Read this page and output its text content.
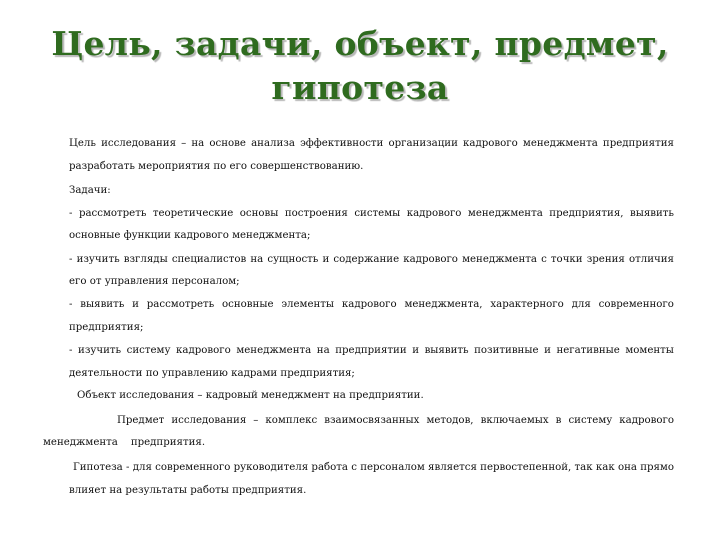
Цель, задачи, объект, предмет,
гипотеза
Цель исследования – на основе анализа эффективности организации кадрового менеджмента предприятия
разработать мероприятия по его совершенствованию.
Задачи:
- рассмотреть теоретические основы построения системы кадрового менеджмента предприятия, выявить
основные функции кадрового менеджмента;
- изучить взгляды специалистов на сущность и содержание кадрового менеджмента с точки зрения отличия
его от управления персоналом;
- выявить и рассмотреть основные элементы кадрового менеджмента, характерного для современного
предприятия;
- изучить систему кадрового менеджмента на предприятии и выявить позитивные и негативные моменты
деятельности по управлению кадрами предприятия;
Объект исследования – кадровый менеджмент на предприятии.
Предмет исследования – комплекс взаимосвязанных методов, включаемых в систему кадрового
менеджмента    предприятия.
Гипотеза - для современного руководителя работа с персоналом является первостепенной, так как она прямо
влияет на результаты работы предприятия.
